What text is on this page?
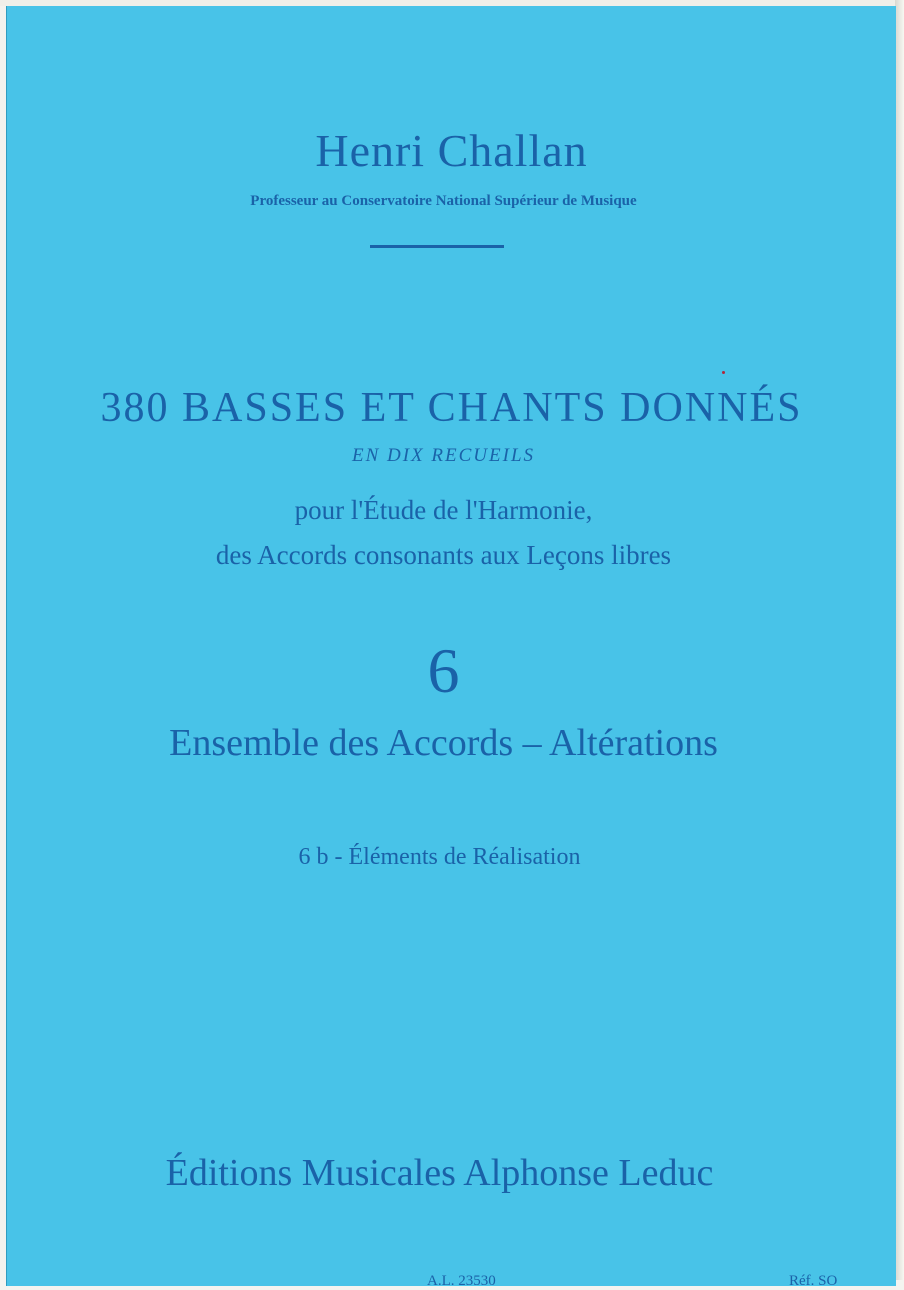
Henri Challan
Professeur au Conservatoire National Supérieur de Musique
380 BASSES ET CHANTS DONNÉS
EN DIX RECUEILS
pour l'Étude de l'Harmonie,
des Accords consonants aux Leçons libres
6
Ensemble des Accords – Altérations
6 b - Éléments de Réalisation
Éditions Musicales Alphonse Leduc
A.L. 23530	Réf. SO
